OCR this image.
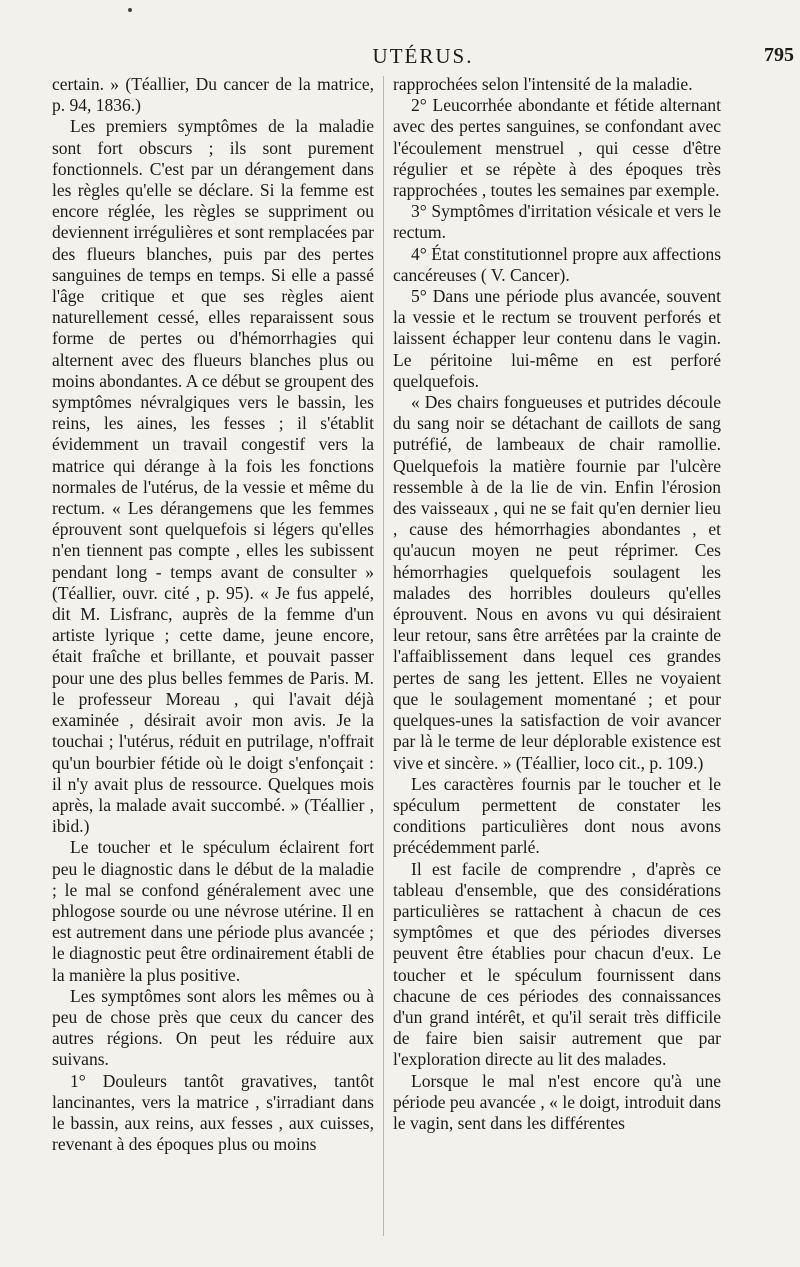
UTÉRUS.	795

certain. » (Téallier, Du cancer de la matrice, p. 94, 1836.)

Les premiers symptômes de la maladie sont fort obscurs ; ils sont purement fonctionnels. C'est par un dérangement dans les règles qu'elle se déclare. Si la femme est encore réglée, les règles se suppriment ou deviennent irrégulières et sont remplacées par des flueurs blanches, puis par des pertes sanguines de temps en temps. Si elle a passé l'âge critique et que ses règles aient naturellement cessé, elles reparaissent sous forme de pertes ou d'hémorrhagies qui alternent avec des flueurs blanches plus ou moins abondantes. A ce début se groupent des symptômes névralgiques vers le bassin, les reins, les aines, les fesses ; il s'établit évidemment un travail congestif vers la matrice qui dérange à la fois les fonctions normales de l'utérus, de la vessie et même du rectum. « Les dérangemens que les femmes éprouvent sont quelquefois si légers qu'elles n'en tiennent pas compte , elles les subissent pendant long - temps avant de consulter » (Téallier, ouvr. cité , p. 95). « Je fus appelé, dit M. Lisfranc, auprès de la femme d'un artiste lyrique ; cette dame, jeune encore, était fraîche et brillante, et pouvait passer pour une des plus belles femmes de Paris. M. le professeur Moreau , qui l'avait déjà examinée , désirait avoir mon avis. Je la touchai ; l'utérus, réduit en putrilage, n'offrait qu'un bourbier fétide où le doigt s'enfonçait : il n'y avait plus de ressource. Quelques mois après, la malade avait succombé. » (Téallier , ibid.)

Le toucher et le spéculum éclairent fort peu le diagnostic dans le début de la maladie ; le mal se confond généralement avec une phlogose sourde ou une névrose utérine. Il en est autrement dans une période plus avancée ; le diagnostic peut être ordinairement établi de la manière la plus positive.

Les symptômes sont alors les mêmes ou à peu de chose près que ceux du cancer des autres régions. On peut les réduire aux suivans.

1° Douleurs tantôt gravatives, tantôt lancinantes, vers la matrice , s'irradiant dans le bassin, aux reins, aux fesses , aux cuisses, revenant à des époques plus ou moins

rapprochées selon l'intensité de la maladie.

2° Leucorrhée abondante et fétide alternant avec des pertes sanguines, se confondant avec l'écoulement menstruel , qui cesse d'être régulier et se répète à des époques très rapprochées , toutes les semaines par exemple.

3° Symptômes d'irritation vésicale et vers le rectum.

4° État constitutionnel propre aux affections cancéreuses ( V. Cancer).

5° Dans une période plus avancée, souvent la vessie et le rectum se trouvent perforés et laissent échapper leur contenu dans le vagin. Le péritoine lui-même en est perforé quelquefois.

« Des chairs fongueuses et putrides découle du sang noir se détachant de caillots de sang putréfié, de lambeaux de chair ramollie. Quelquefois la matière fournie par l'ulcère ressemble à de la lie de vin. Enfin l'érosion des vaisseaux , qui ne se fait qu'en dernier lieu , cause des hémorrhagies abondantes , et qu'aucun moyen ne peut réprimer. Ces hémorrhagies quelquefois soulagent les malades des horribles douleurs qu'elles éprouvent. Nous en avons vu qui désiraient leur retour, sans être arrêtées par la crainte de l'affaiblissement dans lequel ces grandes pertes de sang les jettent. Elles ne voyaient que le soulagement momentané ; et pour quelques-unes la satisfaction de voir avancer par là le terme de leur déplorable existence est vive et sincère. » (Téallier, loco cit., p. 109.)

Les caractères fournis par le toucher et le spéculum permettent de constater les conditions particulières dont nous avons précédemment parlé.

Il est facile de comprendre , d'après ce tableau d'ensemble, que des considérations particulières se rattachent à chacun de ces symptômes et que des périodes diverses peuvent être établies pour chacun d'eux. Le toucher et le spéculum fournissent dans chacune de ces périodes des connaissances d'un grand intérêt, et qu'il serait très difficile de faire bien saisir autrement que par l'exploration directe au lit des malades.

Lorsque le mal n'est encore qu'à une période peu avancée , « le doigt, introduit dans le vagin, sent dans les différentes
